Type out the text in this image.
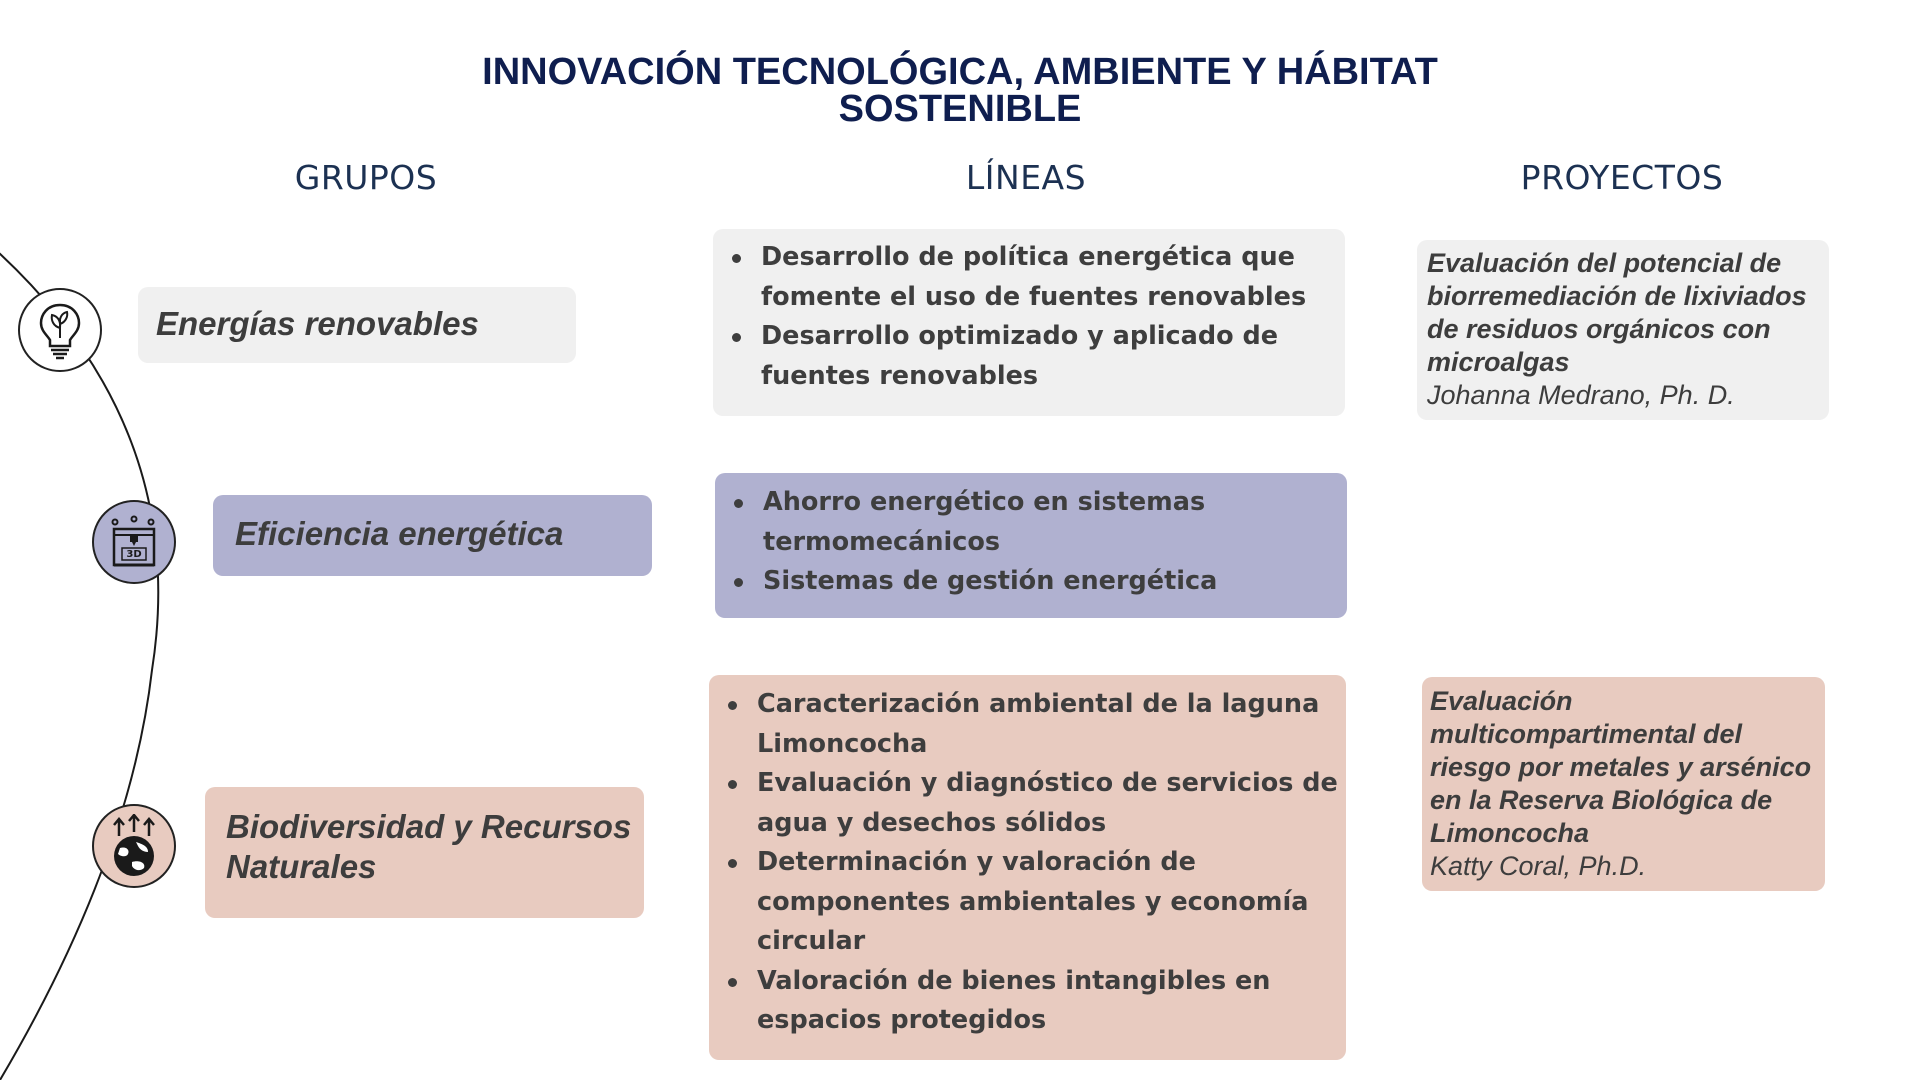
INNOVACIÓN TECNOLÓGICA, AMBIENTE Y HÁBITAT
SOSTENIBLE
GRUPOS	LÍNEAS	PROYECTOS
Energías renovables
Desarrollo de política energética que fomente el uso de fuentes renovables
Desarrollo optimizado y aplicado de fuentes renovables
Evaluación del potencial de biorremediación de lixiviados de residuos orgánicos con microalgas
Johanna Medrano, Ph. D.
3D
Eficiencia energética
Ahorro energético en sistemas termomecánicos
Sistemas de gestión energética
Biodiversidad y Recursos Naturales
Caracterización ambiental de la laguna Limoncocha
Evaluación y diagnóstico de servicios de agua y desechos sólidos
Determinación y valoración de componentes ambientales y economía circular
Valoración de bienes intangibles en espacios protegidos
Evaluación multicompartimental del riesgo por metales y arsénico en la Reserva Biológica de Limoncocha
Katty Coral, Ph.D.
